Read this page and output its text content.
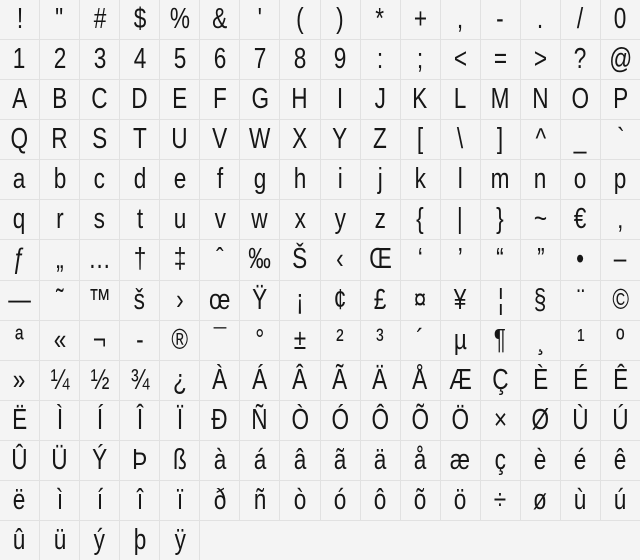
! " # $ % & ' ( ) * + , - . / 0
1 2 3 4 5 6 7 8 9 : ; < = > ? @
A B C D E F G H I J K L M N O P
Q R S T U V W X Y Z [ \ ] ^ _ `
a b c d e f g h i j k l m n o p
q r s t u v w x y z { | } ~ € ‚
ƒ „ … † ‡ ˆ ‰ Š ‹ Œ ‘ ’ “ ” • –
— ˜ ™ š › œ Ÿ ¡ ¢ £ ¤ ¥ ¦ § ¨ ©
ª « ¬ - ® ¯ ° ± ² ³ ´ µ ¶ ¸ ¹ º
» ¼ ½ ¾ ¿ À Á Â Ã Ä Å Æ Ç È É Ê
Ë Ì Í Î Ï Ð Ñ Ò Ó Ô Õ Ö × Ø Ù Ú
Û Ü Ý Þ ß à á â ã ä å æ ç è é ê
ë ì í î ï ð ñ ò ó ô õ ö ÷ ø ù ú
û ü ý þ ÿ
